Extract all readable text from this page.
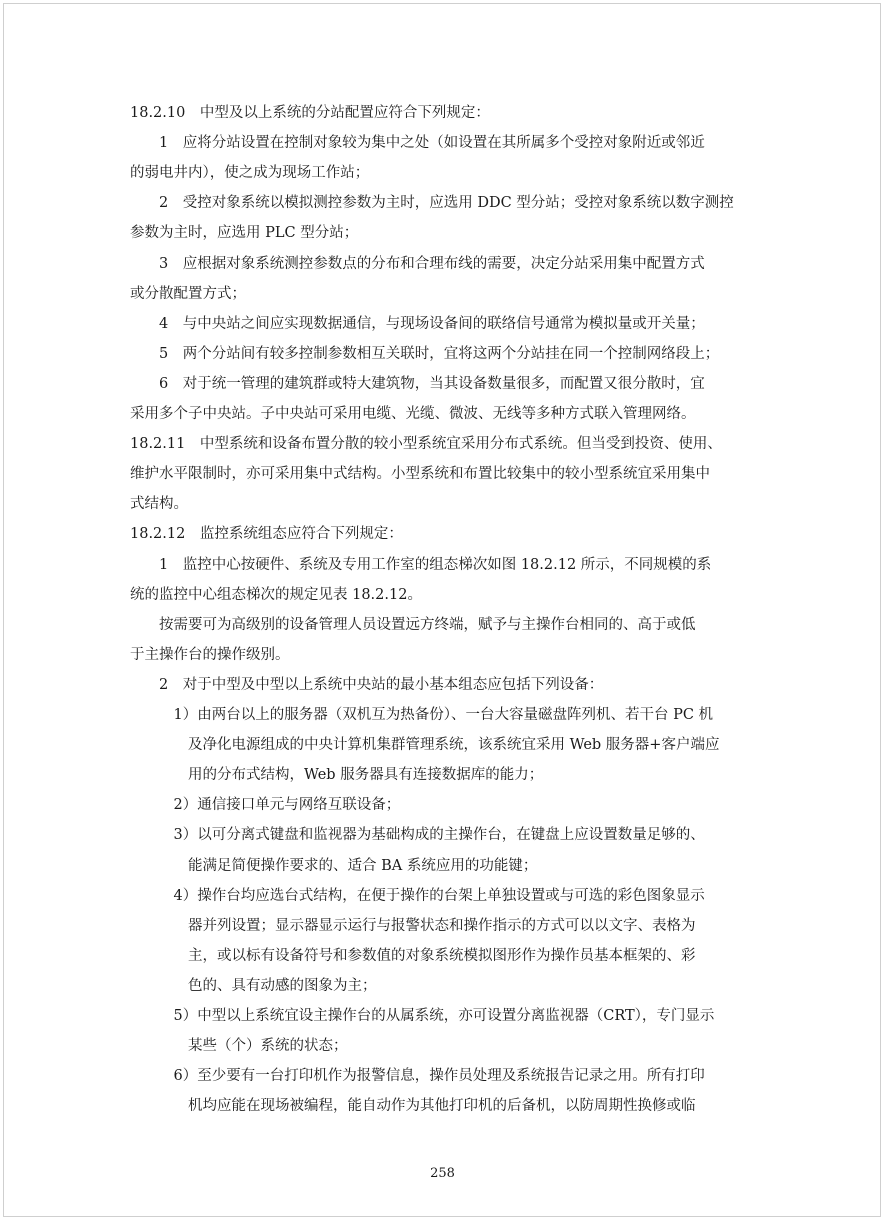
18.2.10　中型及以上系统的分站配置应符合下列规定：
　　1　应将分站设置在控制对象较为集中之处（如设置在其所属多个受控对象附近或邻近
的弱电井内），使之成为现场工作站；
　　2　受控对象系统以模拟测控参数为主时，应选用 DDC 型分站；受控对象系统以数字测控
参数为主时，应选用 PLC 型分站；
　　3　应根据对象系统测控参数点的分布和合理布线的需要，决定分站采用集中配置方式
或分散配置方式；
　　4　与中央站之间应实现数据通信，与现场设备间的联络信号通常为模拟量或开关量；
　　5　两个分站间有较多控制参数相互关联时，宜将这两个分站挂在同一个控制网络段上；
　　6　对于统一管理的建筑群或特大建筑物，当其设备数量很多，而配置又很分散时，宜
采用多个子中央站。子中央站可采用电缆、光缆、微波、无线等多种方式联入管理网络。
18.2.11　中型系统和设备布置分散的较小型系统宜采用分布式系统。但当受到投资、使用、
维护水平限制时，亦可采用集中式结构。小型系统和布置比较集中的较小型系统宜采用集中
式结构。
18.2.12　监控系统组态应符合下列规定：
　　1　监控中心按硬件、系统及专用工作室的组态梯次如图 18.2.12 所示，不同规模的系
统的监控中心组态梯次的规定见表 18.2.12。
　　按需要可为高级别的设备管理人员设置远方终端，赋予与主操作台相同的、高于或低
于主操作台的操作级别。
　　2　对于中型及中型以上系统中央站的最小基本组态应包括下列设备：
　　　1）由两台以上的服务器（双机互为热备份）、一台大容量磁盘阵列机、若干台 PC 机
　　　　及净化电源组成的中央计算机集群管理系统，该系统宜采用 Web 服务器+客户端应
　　　　用的分布式结构，Web 服务器具有连接数据库的能力；
　　　2）通信接口单元与网络互联设备；
　　　3）以可分离式键盘和监视器为基础构成的主操作台，在键盘上应设置数量足够的、
　　　　能满足简便操作要求的、适合 BA 系统应用的功能键；
　　　4）操作台均应选台式结构，在便于操作的台架上单独设置或与可选的彩色图象显示
　　　　器并列设置；显示器显示运行与报警状态和操作指示的方式可以以文字、表格为
　　　　主，或以标有设备符号和参数值的对象系统模拟图形作为操作员基本框架的、彩
　　　　色的、具有动感的图象为主；
　　　5）中型以上系统宜设主操作台的从属系统，亦可设置分离监视器（CRT），专门显示
　　　　某些（个）系统的状态；
　　　6）至少要有一台打印机作为报警信息，操作员处理及系统报告记录之用。所有打印
　　　　机均应能在现场被编程，能自动作为其他打印机的后备机，以防周期性换修或临
258
